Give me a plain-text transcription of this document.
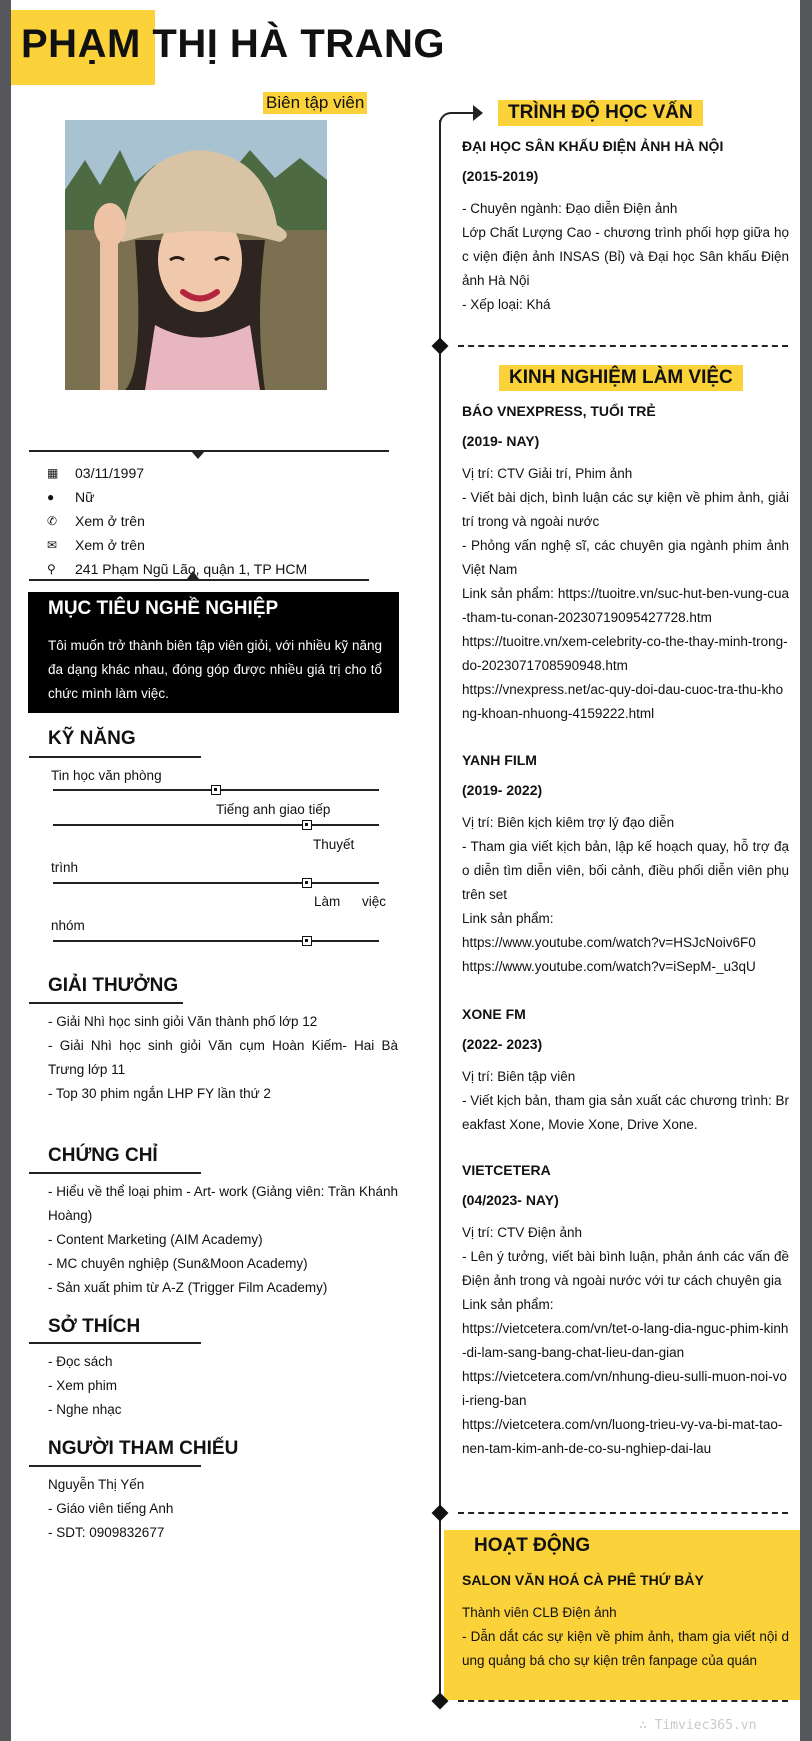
PHẠM THỊ HÀ TRANG
Biên tập viên
▦	03/11/1997
●	Nữ
✆	Xem ở trên
✉	Xem ở trên
⚲	241 Phạm Ngũ Lão, quận 1, TP HCM
MỤC TIÊU NGHỀ NGHIỆP
Tôi muốn trở thành biên tập viên giỏi, với nhiều kỹ năng đa dạng khác nhau, đóng góp được nhiều giá trị cho tổ chức mình làm việc.
KỸ NĂNG
Tin học văn phòng
Tiếng anh giao tiếp
Thuyết
trình
Làm việc
nhóm
GIẢI THƯỞNG
- Giải Nhì học sinh giỏi Văn thành phố lớp 12
- Giải Nhì học sinh giỏi Văn cụm Hoàn Kiếm- Hai Bà Trưng lớp 11
- Top 30 phim ngắn LHP FY lần thứ 2
CHỨNG CHỈ
- Hiểu về thể loại phim - Art- work (Giảng viên: Trần Khánh Hoàng)
- Content Marketing (AIM Academy)
- MC chuyên nghiệp (Sun&Moon Academy)
- Sản xuất phim từ A-Z (Trigger Film Academy)
SỞ THÍCH
- Đọc sách
- Xem phim
- Nghe nhạc
NGƯỜI THAM CHIẾU
Nguyễn Thị Yến
- Giáo viên tiếng Anh
- SDT: 0909832677
TRÌNH ĐỘ HỌC VẤN
ĐẠI HỌC SÂN KHẤU ĐIỆN ẢNH HÀ NỘI
(2015-2019)
- Chuyên ngành: Đạo diễn Điện ảnh
Lớp Chất Lượng Cao - chương trình phối hợp giữa học viện điện ảnh INSAS (Bỉ) và Đại học Sân khấu Điện ảnh Hà Nội
- Xếp loại: Khá
KINH NGHIỆM LÀM VIỆC
BÁO VNEXPRESS, TUỔI TRẺ
(2019- NAY)
Vị trí: CTV Giải trí, Phim ảnh
- Viết bài dịch, bình luận các sự kiện về phim ảnh, giải trí trong và ngoài nước
- Phỏng vấn nghệ sĩ, các chuyên gia ngành phim ảnh Việt Nam
Link sản phẩm: https://tuoitre.vn/suc-hut-ben-vung-cua-tham-tu-conan-20230719095427728.htm
https://tuoitre.vn/xem-celebrity-co-the-thay-minh-trong-do-2023071708590948.htm
https://vnexpress.net/ac-quy-doi-dau-cuoc-tra-thu-khong-khoan-nhuong-4159222.html
YANH FILM
(2019- 2022)
Vị trí: Biên kịch kiêm trợ lý đạo diễn
- Tham gia viết kịch bản, lập kế hoạch quay, hỗ trợ đạo diễn tìm diễn viên, bối cảnh, điều phối diễn viên phụ trên set
Link sản phẩm:
https://www.youtube.com/watch?v=HSJcNoiv6F0
https://www.youtube.com/watch?v=iSepM-_u3qU
XONE FM
(2022- 2023)
Vị trí: Biên tập viên
- Viết kịch bản, tham gia sản xuất các chương trình: Breakfast Xone, Movie Xone, Drive Xone.
VIETCETERA
(04/2023- NAY)
Vị trí: CTV Điện ảnh
- Lên ý tưởng, viết bài bình luận, phản ánh các vấn đề Điện ảnh trong và ngoài nước với tư cách chuyên gia
Link sản phẩm:
https://vietcetera.com/vn/tet-o-lang-dia-nguc-phim-kinh-di-lam-sang-bang-chat-lieu-dan-gian
https://vietcetera.com/vn/nhung-dieu-sulli-muon-noi-voi-rieng-ban
https://vietcetera.com/vn/luong-trieu-vy-va-bi-mat-tao-nen-tam-kim-anh-de-co-su-nghiep-dai-lau
HOẠT ĐỘNG
SALON VĂN HOÁ CÀ PHÊ THỨ BẢY
Thành viên CLB Điện ảnh
- Dẫn dắt các sự kiện về phim ảnh, tham gia viết nội dung quảng bá cho sự kiện trên fanpage của quán
∴ Timviec365.vn
